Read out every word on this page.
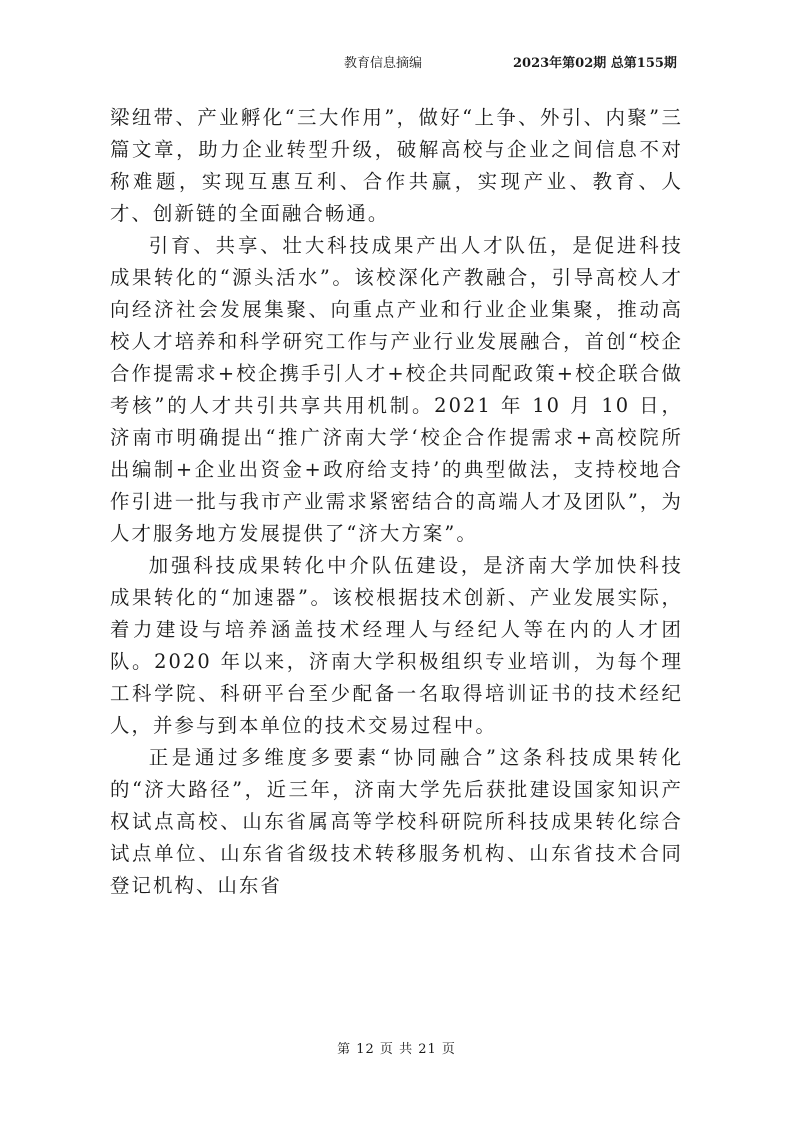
教育信息摘编	2023年第02期 总第155期

梁纽带、产业孵化“三大作用”，做好“上争、外引、内聚”三篇文章，助力企业转型升级，破解高校与企业之间信息不对称难题，实现互惠互利、合作共赢，实现产业、教育、人才、创新链的全面融合畅通。

引育、共享、壮大科技成果产出人才队伍，是促进科技成果转化的“源头活水”。该校深化产教融合，引导高校人才向经济社会发展集聚、向重点产业和行业企业集聚，推动高校人才培养和科学研究工作与产业行业发展融合，首创“校企合作提需求+校企携手引人才+校企共同配政策+校企联合做考核”的人才共引共享共用机制。2021 年 10 月 10 日，济南市明确提出“推广济南大学‘校企合作提需求+高校院所出编制+企业出资金+政府给支持’的典型做法，支持校地合作引进一批与我市产业需求紧密结合的高端人才及团队”，为人才服务地方发展提供了“济大方案”。

加强科技成果转化中介队伍建设，是济南大学加快科技成果转化的“加速器”。该校根据技术创新、产业发展实际，着力建设与培养涵盖技术经理人与经纪人等在内的人才团队。2020 年以来，济南大学积极组织专业培训，为每个理工科学院、科研平台至少配备一名取得培训证书的技术经纪人，并参与到本单位的技术交易过程中。

正是通过多维度多要素“协同融合”这条科技成果转化的“济大路径”，近三年，济南大学先后获批建设国家知识产权试点高校、山东省属高等学校科研院所科技成果转化综合试点单位、山东省省级技术转移服务机构、山东省技术合同登记机构、山东省

第 12 页 共 21 页
